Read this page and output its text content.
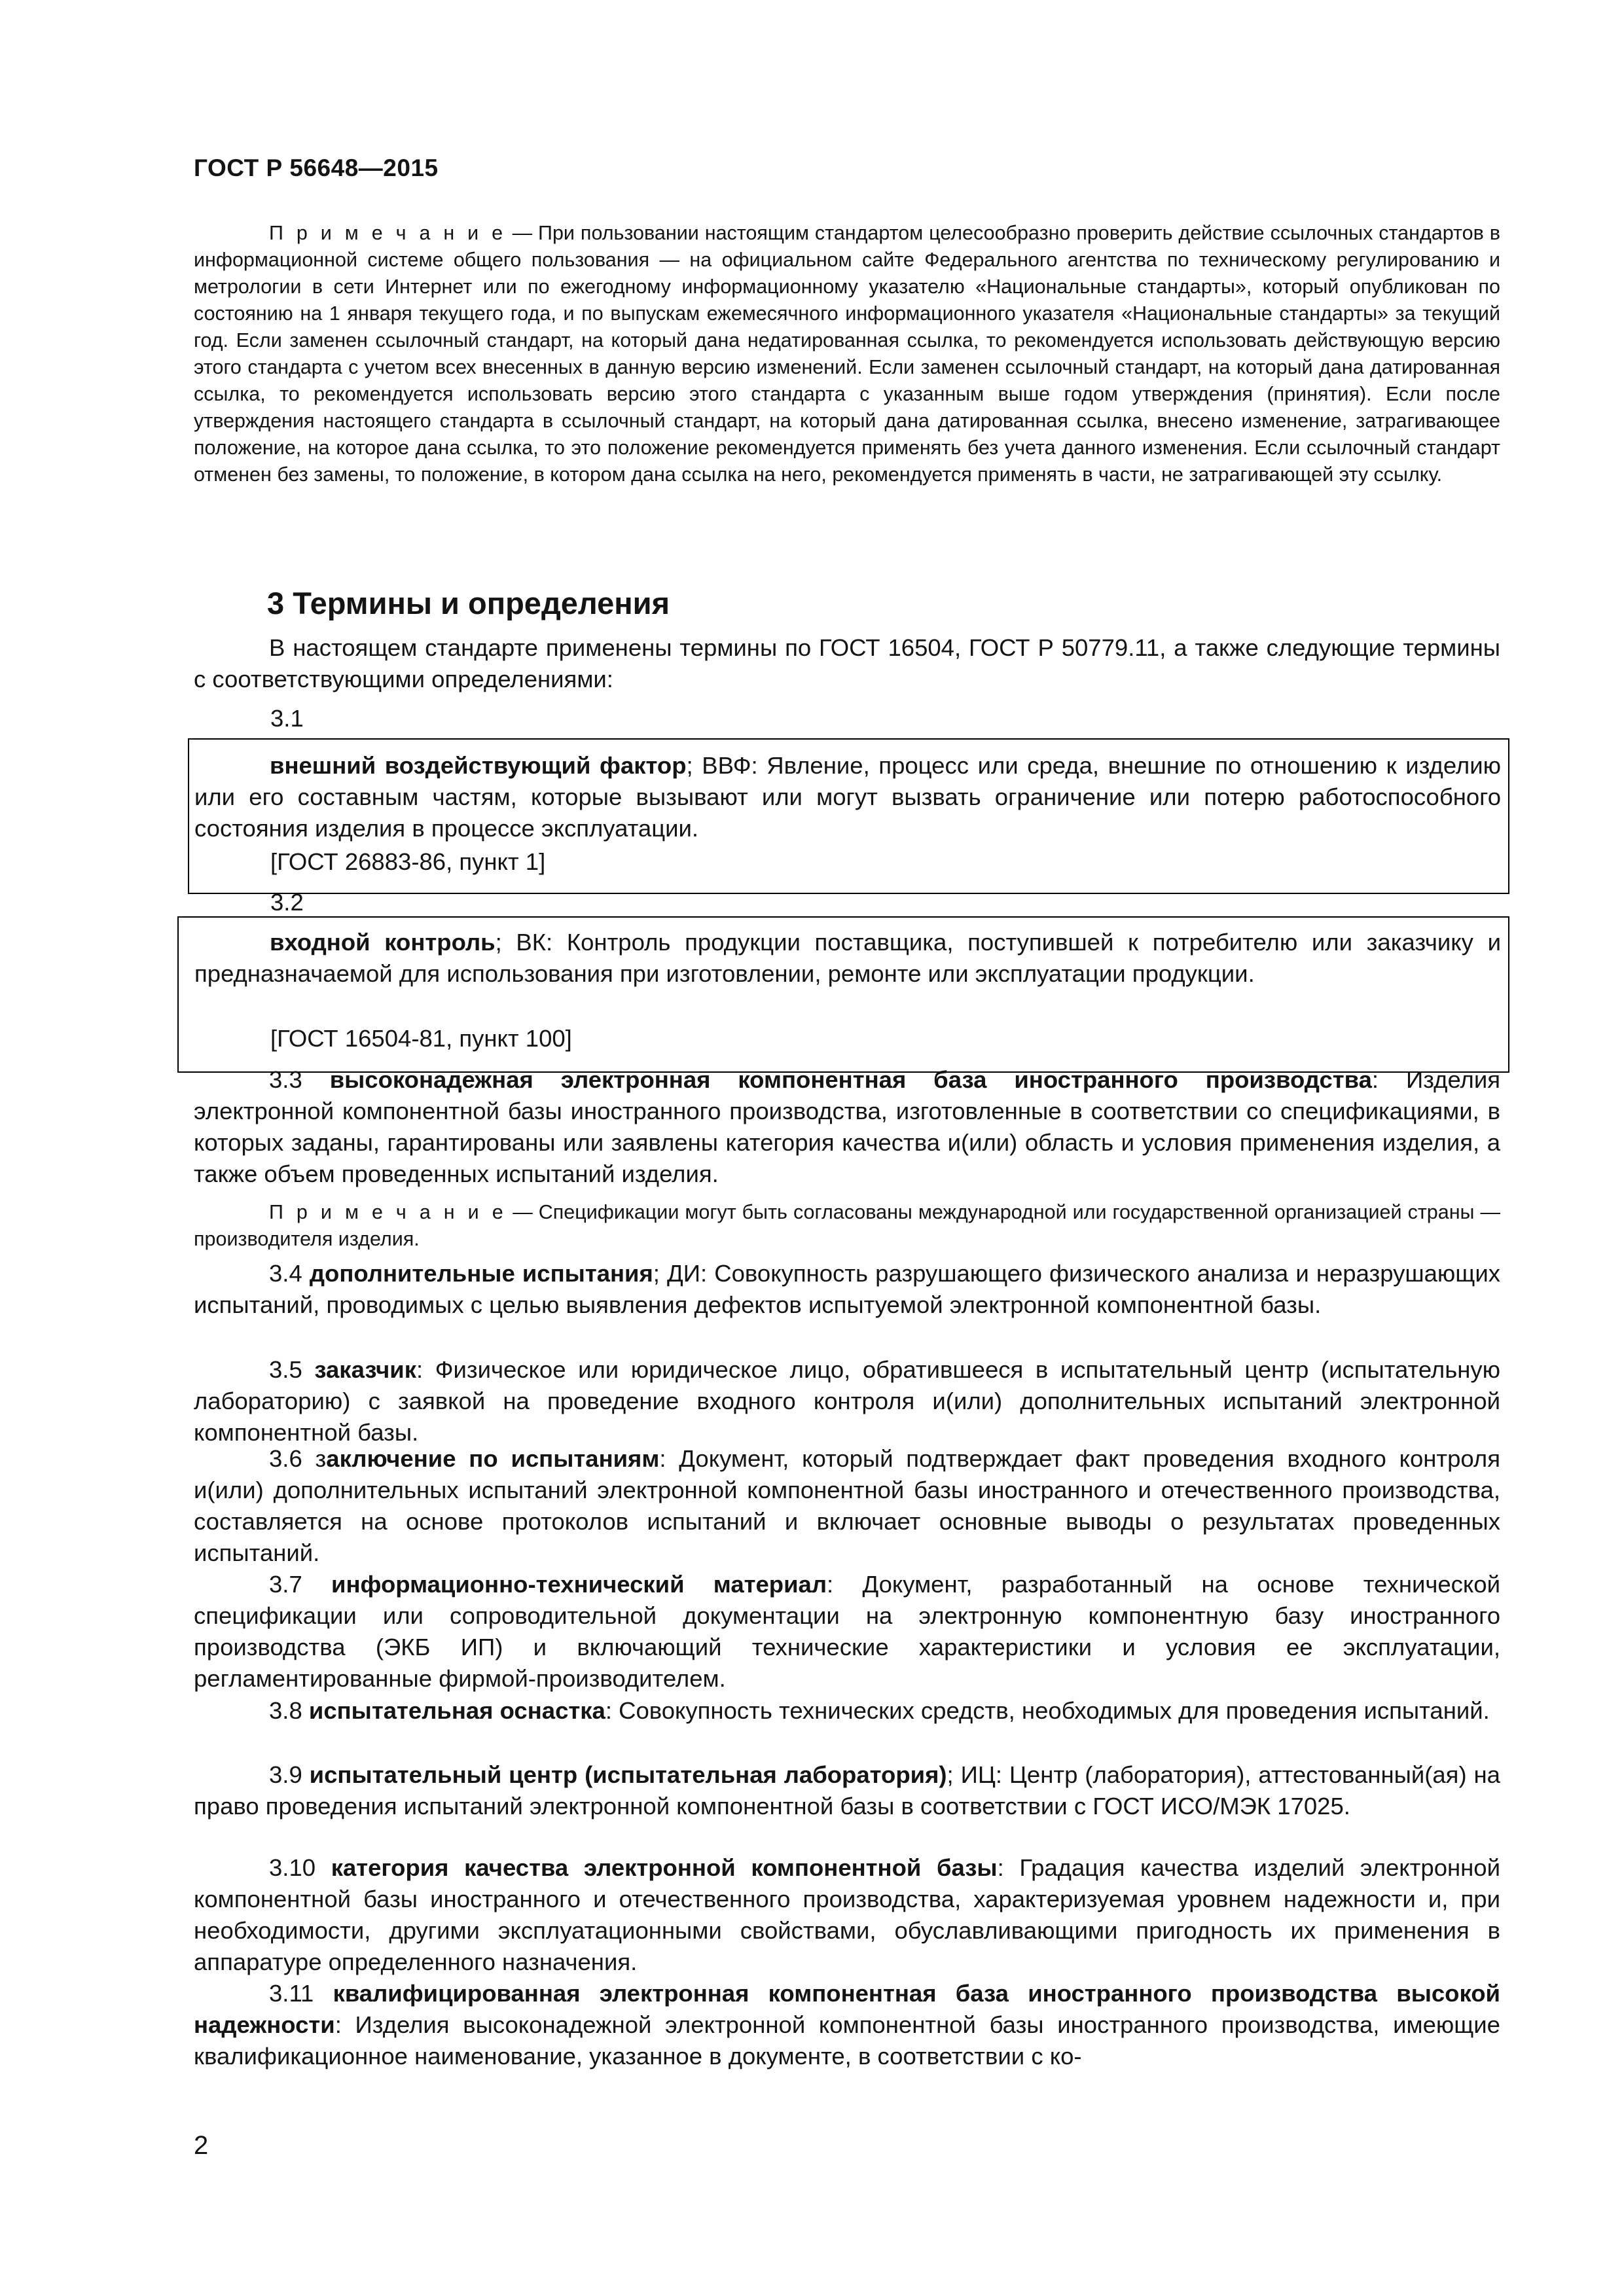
ГОСТ Р 56648—2015

П р и м е ч а н и е — При пользовании настоящим стандартом целесообразно проверить действие ссылочных стандартов в информационной системе общего пользования — на официальном сайте Федерального агентства по техническому регулированию и метрологии в сети Интернет или по ежегодному информационному указателю «Национальные стандарты», который опубликован по состоянию на 1 января текущего года, и по выпускам ежемесячного информационного указателя «Национальные стандарты» за текущий год. Если заменен ссылочный стандарт, на который дана недатированная ссылка, то рекомендуется использовать действующую версию этого стандарта с учетом всех внесенных в данную версию изменений. Если заменен ссылочный стандарт, на который дана датированная ссылка, то рекомендуется использовать версию этого стандарта с указанным выше годом утверждения (принятия). Если после утверждения настоящего стандарта в ссылочный стандарт, на который дана датированная ссылка, внесено изменение, затрагивающее положение, на которое дана ссылка, то это положение рекомендуется применять без учета данного изменения. Если ссылочный стандарт отменен без замены, то положение, в котором дана ссылка на него, рекомендуется применять в части, не затрагивающей эту ссылку.

3 Термины и определения

В настоящем стандарте применены термины по ГОСТ 16504, ГОСТ Р 50779.11, а также следующие термины с соответствующими определениями:

3.1

внешний воздействующий фактор; ВВФ: Явление, процесс или среда, внешние по отношению к изделию или его составным частям, которые вызывают или могут вызвать ограничение или потерю работоспособного состояния изделия в процессе эксплуатации.

[ГОСТ 26883-86, пункт 1]
3.2

входной контроль; ВК: Контроль продукции поставщика, поступившей к потребителю или заказчику и предназначаемой для использования при изготовлении, ремонте или эксплуатации продукции.

[ГОСТ 16504-81, пункт 100]

3.3 высоконадежная электронная компонентная база иностранного производства: Изделия электронной компонентной базы иностранного производства, изготовленные в соответствии со спецификациями, в которых заданы, гарантированы или заявлены категория качества и(или) область и условия применения изделия, а также объем проведенных испытаний изделия.

П р и м е ч а н и е — Спецификации могут быть согласованы международной или государственной организацией страны — производителя изделия.

3.4 дополнительные испытания; ДИ: Совокупность разрушающего физического анализа и неразрушающих испытаний, проводимых с целью выявления дефектов испытуемой электронной компонентной базы.

3.5 заказчик: Физическое или юридическое лицо, обратившееся в испытательный центр (испытательную лабораторию) с заявкой на проведение входного контроля и(или) дополнительных испытаний электронной компонентной базы.

3.6 заключение по испытаниям: Документ, который подтверждает факт проведения входного контроля и(или) дополнительных испытаний электронной компонентной базы иностранного и отечественного производства, составляется на основе протоколов испытаний и включает основные выводы о результатах проведенных испытаний.

3.7 информационно-технический материал: Документ, разработанный на основе технической спецификации или сопроводительной документации на электронную компонентную базу иностранного производства (ЭКБ ИП) и включающий технические характеристики и условия ее эксплуатации, регламентированные фирмой-производителем.

3.8 испытательная оснастка: Совокупность технических средств, необходимых для проведения испытаний.

3.9 испытательный центр (испытательная лаборатория); ИЦ: Центр (лаборатория), аттестованный(ая) на право проведения испытаний электронной компонентной базы в соответствии с ГОСТ ИСО/МЭК 17025.

3.10 категория качества электронной компонентной базы: Градация качества изделий электронной компонентной базы иностранного и отечественного производства, характеризуемая уровнем надежности и, при необходимости, другими эксплуатационными свойствами, обуславливающими пригодность их применения в аппаратуре определенного назначения.

3.11 квалифицированная электронная компонентная база иностранного производства высокой надежности: Изделия высоконадежной электронной компонентной базы иностранного производства, имеющие квалификационное наименование, указанное в документе, в соответствии с ко-

2
